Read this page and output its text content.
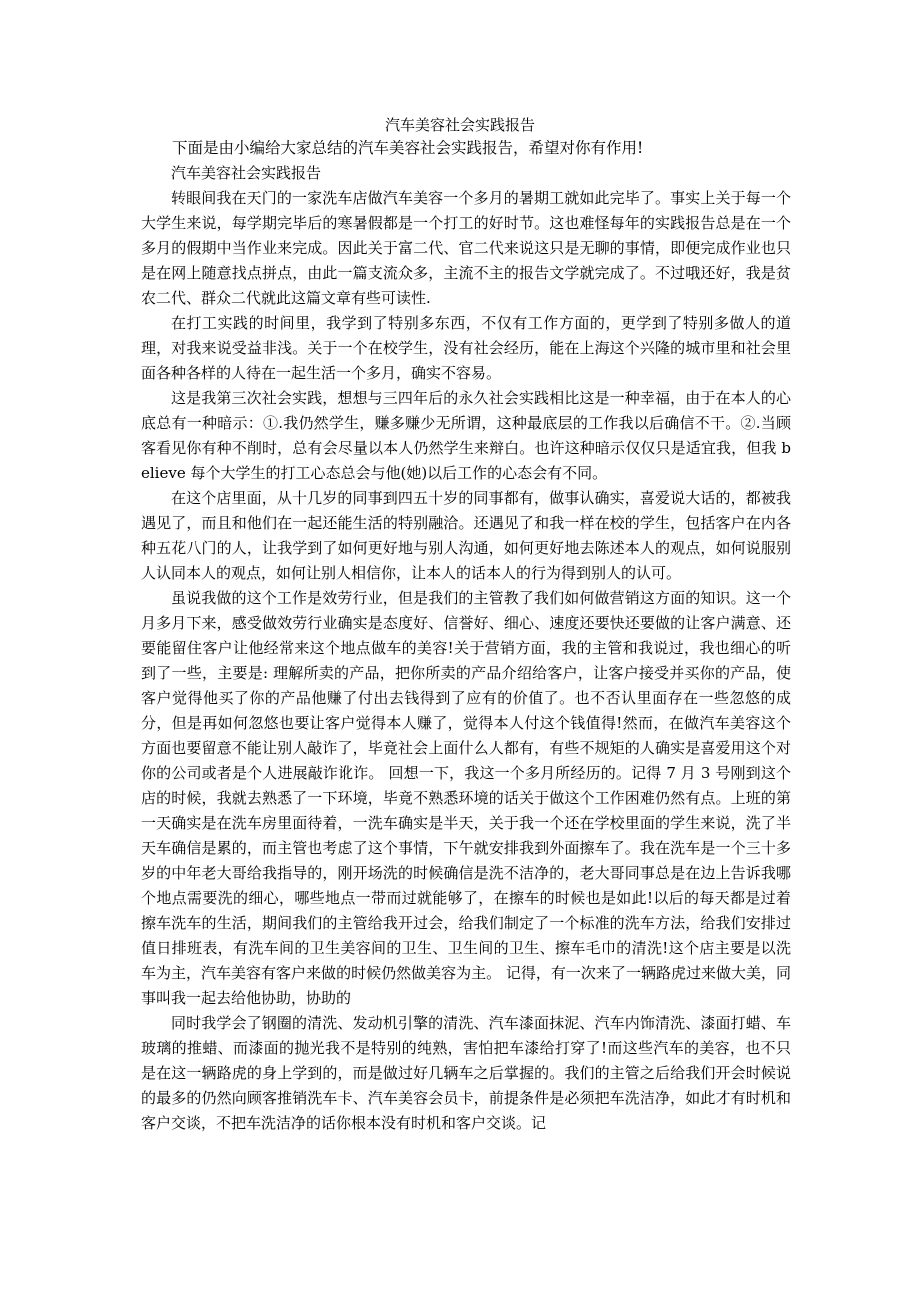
汽车美容社会实践报告

下面是由小编给大家总结的汽车美容社会实践报告，希望对你有作用!

汽车美容社会实践报告

转眼间我在天门的一家洗车店做汽车美容一个多月的暑期工就如此完毕了。事实上关于每一个大学生来说，每学期完毕后的寒暑假都是一个打工的好时节。这也难怪每年的实践报告总是在一个多月的假期中当作业来完成。因此关于富二代、官二代来说这只是无聊的事情，即便完成作业也只是在网上随意找点拼点，由此一篇支流众多，主流不主的报告文学就完成了。不过哦还好，我是贫农二代、群众二代就此这篇文章有些可读性.

在打工实践的时间里，我学到了特别多东西，不仅有工作方面的，更学到了特别多做人的道理，对我来说受益非浅。关于一个在校学生，没有社会经历，能在上海这个兴隆的城市里和社会里面各种各样的人待在一起生活一个多月，确实不容易。

这是我第三次社会实践，想想与三四年后的永久社会实践相比这是一种幸福，由于在本人的心底总有一种暗示：①.我仍然学生，赚多赚少无所谓，这种最底层的工作我以后确信不干。②.当顾客看见你有种不削时，总有会尽量以本人仍然学生来辩白。也许这种暗示仅仅只是适宜我，但我 believe 每个大学生的打工心态总会与他(她)以后工作的心态会有不同。

在这个店里面，从十几岁的同事到四五十岁的同事都有，做事认确实，喜爱说大话的，都被我遇见了，而且和他们在一起还能生活的特别融洽。还遇见了和我一样在校的学生，包括客户在内各种五花八门的人，让我学到了如何更好地与别人沟通，如何更好地去陈述本人的观点，如何说服别人认同本人的观点，如何让别人相信你，让本人的话本人的行为得到别人的认可。

虽说我做的这个工作是效劳行业，但是我们的主管教了我们如何做营销这方面的知识。这一个月多月下来，感受做效劳行业确实是态度好、信誉好、细心、速度还要快还要做的让客户满意、还要能留住客户让他经常来这个地点做车的美容!关于营销方面，我的主管和我说过，我也细心的听到了一些，主要是: 理解所卖的产品，把你所卖的产品介绍给客户，让客户接受并买你的产品，使客户觉得他买了你的产品他赚了付出去钱得到了应有的价值了。也不否认里面存在一些忽悠的成分，但是再如何忽悠也要让客户觉得本人赚了，觉得本人付这个钱值得!然而，在做汽车美容这个方面也要留意不能让别人敲诈了，毕竟社会上面什么人都有，有些不规矩的人确实是喜爱用这个对你的公司或者是个人进展敲诈讹诈。 回想一下，我这一个多月所经历的。记得 7 月 3 号刚到这个店的时候，我就去熟悉了一下环境，毕竟不熟悉环境的话关于做这个工作困难仍然有点。上班的第一天确实是在洗车房里面待着，一洗车确实是半天，关于我一个还在学校里面的学生来说，洗了半天车确信是累的，而主管也考虑了这个事情，下午就安排我到外面擦车了。我在洗车是一个三十多岁的中年老大哥给我指导的，刚开场洗的时候确信是洗不洁净的，老大哥同事总是在边上告诉我哪个地点需要洗的细心，哪些地点一带而过就能够了，在擦车的时候也是如此!以后的每天都是过着擦车洗车的生活，期间我们的主管给我开过会，给我们制定了一个标准的洗车方法，给我们安排过值日排班表，有洗车间的卫生美容间的卫生、卫生间的卫生、擦车毛巾的清洗!这个店主要是以洗车为主，汽车美容有客户来做的时候仍然做美容为主。 记得，有一次来了一辆路虎过来做大美，同事叫我一起去给他协助，协助的

同时我学会了钢圈的清洗、发动机引擎的清洗、汽车漆面抹泥、汽车内饰清洗、漆面打蜡、车玻璃的推蜡、而漆面的抛光我不是特别的纯熟，害怕把车漆给打穿了!而这些汽车的美容，也不只是在这一辆路虎的身上学到的，而是做过好几辆车之后掌握的。我们的主管之后给我们开会时候说的最多的仍然向顾客推销洗车卡、汽车美容会员卡，前提条件是必须把车洗洁净，如此才有时机和客户交谈，不把车洗洁净的话你根本没有时机和客户交谈。记
